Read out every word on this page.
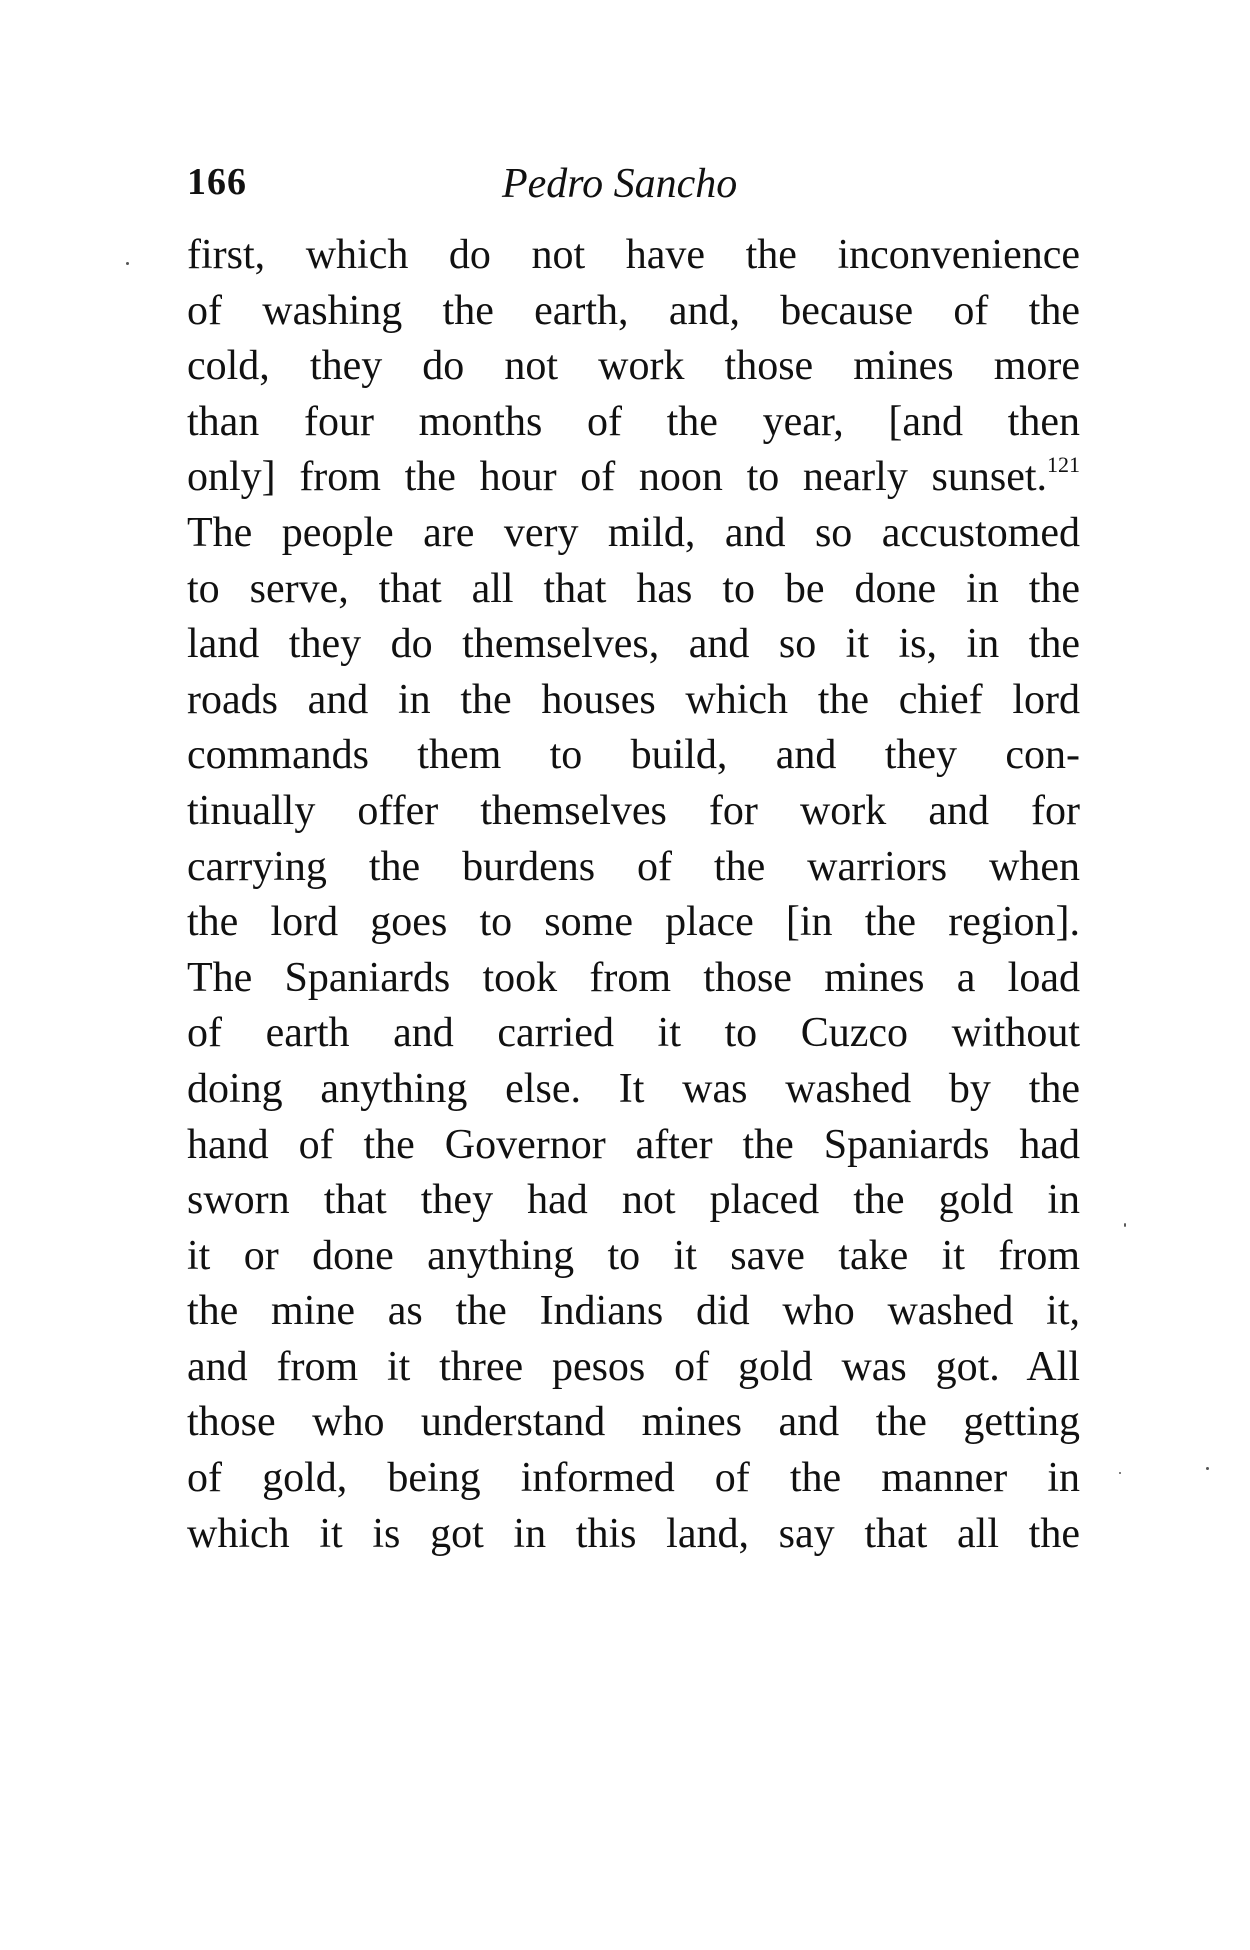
166	Pedro Sancho
first, which do not have the inconvenience
of washing the earth, and, because of the
cold, they do not work those mines more
than four months of the year, [and then
only] from the hour of noon to nearly sunset.$^{121}$
The people are very mild, and so accustomed
to serve, that all that has to be done in the
land they do themselves, and so it is, in the
roads and in the houses which the chief lord
commands them to build, and they con-
tinually offer themselves for work and for
carrying the burdens of the warriors when
the lord goes to some place [in the region].
The Spaniards took from those mines a load
of earth and carried it to Cuzco without
doing anything else. It was washed by the
hand of the Governor after the Spaniards had
sworn that they had not placed the gold in
it or done anything to it save take it from
the mine as the Indians did who washed it,
and from it three pesos of gold was got. All
those who understand mines and the getting
of gold, being informed of the manner in
which it is got in this land, say that all the
